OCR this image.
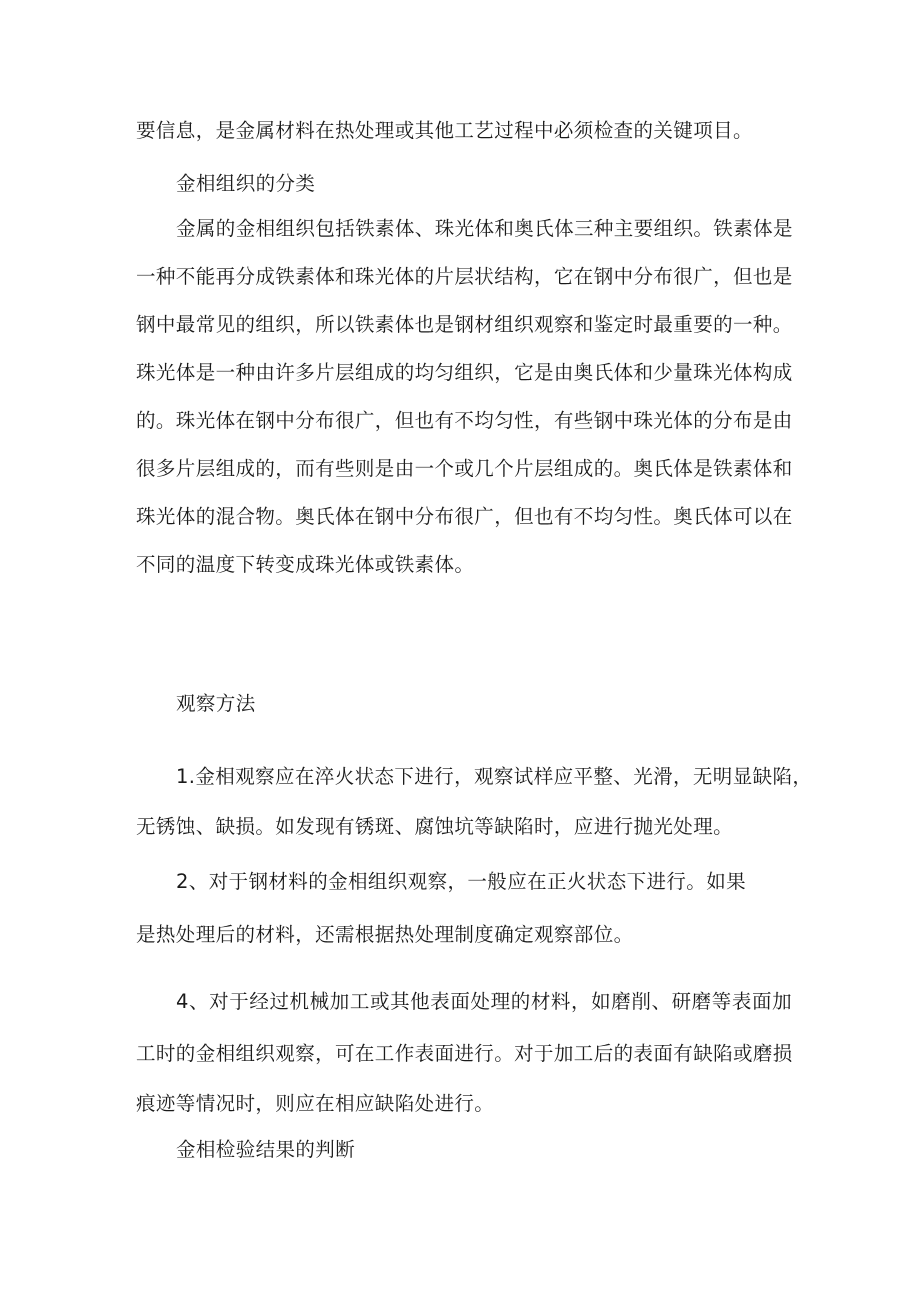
要信息，是金属材料在热处理或其他工艺过程中必须检查的关键项目。
金相组织的分类
金属的金相组织包括铁素体、珠光体和奥氏体三种主要组织。铁素体是
一种不能再分成铁素体和珠光体的片层状结构，它在钢中分布很广，但也是
钢中最常见的组织，所以铁素体也是钢材组织观察和鉴定时最重要的一种。
珠光体是一种由许多片层组成的均匀组织，它是由奥氏体和少量珠光体构成
的。珠光体在钢中分布很广，但也有不均匀性，有些钢中珠光体的分布是由
很多片层组成的，而有些则是由一个或几个片层组成的。奥氏体是铁素体和
珠光体的混合物。奥氏体在钢中分布很广，但也有不均匀性。奥氏体可以在
不同的温度下转变成珠光体或铁素体。
观察方法
1.金相观察应在淬火状态下进行，观察试样应平整、光滑，无明显缺陷，
无锈蚀、缺损。如发现有锈斑、腐蚀坑等缺陷时，应进行抛光处理。
2、对于钢材料的金相组织观察，一般应在正火状态下进行。如果
是热处理后的材料，还需根据热处理制度确定观察部位。
4、对于经过机械加工或其他表面处理的材料，如磨削、研磨等表面加
工时的金相组织观察，可在工作表面进行。对于加工后的表面有缺陷或磨损
痕迹等情况时，则应在相应缺陷处进行。
金相检验结果的判断
